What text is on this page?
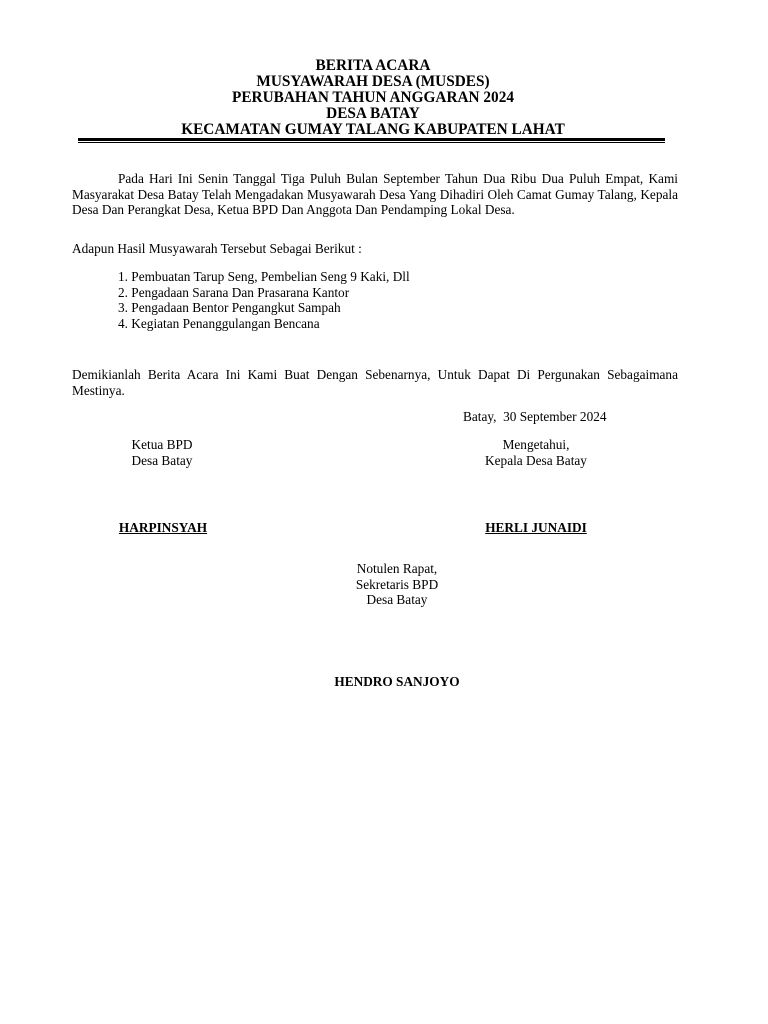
BERITA ACARA
MUSYAWARAH DESA (MUSDES)
PERUBAHAN TAHUN ANGGARAN 2024
DESA BATAY
KECAMATAN GUMAY TALANG KABUPATEN LAHAT
Pada Hari Ini Senin Tanggal Tiga Puluh Bulan September Tahun Dua Ribu Dua Puluh Empat, Kami Masyarakat Desa Batay Telah Mengadakan Musyawarah Desa Yang Dihadiri Oleh Camat Gumay Talang, Kepala Desa Dan Perangkat Desa, Ketua BPD Dan Anggota Dan Pendamping Lokal Desa.
Adapun Hasil Musyawarah Tersebut Sebagai Berikut :
1. Pembuatan Tarup Seng, Pembelian Seng 9 Kaki, Dll
2. Pengadaan Sarana Dan Prasarana Kantor
3. Pengadaan Bentor Pengangkut Sampah
4. Kegiatan Penanggulangan Bencana
Demikianlah Berita Acara Ini Kami Buat Dengan Sebenarnya, Untuk Dapat Di Pergunakan Sebagaimana Mestinya.
Batay,  30 September 2024
Ketua BPD
Desa Batay
Mengetahui,
Kepala Desa Batay
HARPINSYAH	HERLI JUNAIDI
Notulen Rapat,
Sekretaris BPD
Desa Batay
HENDRO SANJOYO
